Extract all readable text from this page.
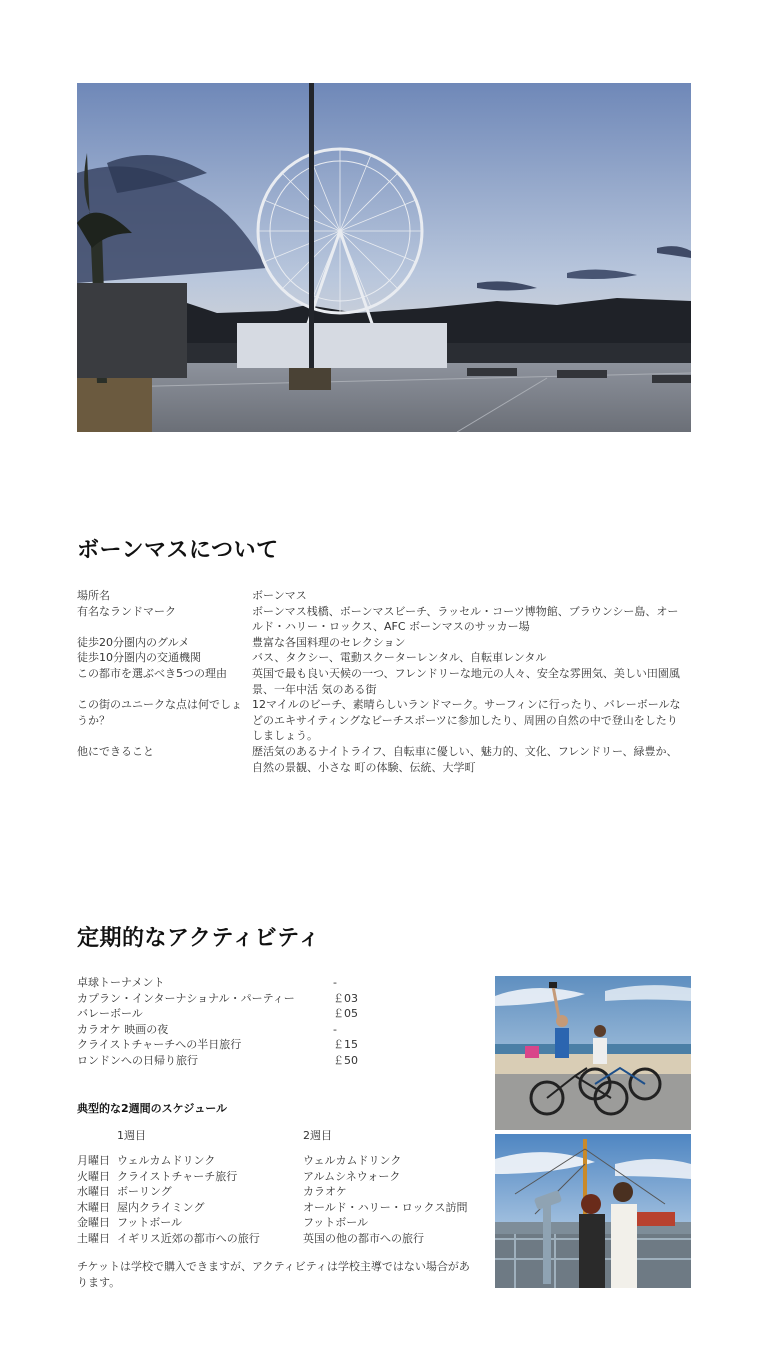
ボーンマスについて
場所名	ボーンマス
有名なランドマーク	ボーンマス桟橋、ボーンマスビーチ、ラッセル・コーツ博物館、ブラウンシー島、オールド・ハリー・ロックス、AFC ボーンマスのサッカー場
徒歩20分圏内のグルメ	豊富な各国料理のセレクション
徒歩10分圏内の交通機関	バス、タクシー、電動スクーターレンタル、自転車レンタル
この都市を選ぶべき5つの理由	英国で最も良い天候の一つ、フレンドリーな地元の人々、安全な雰囲気、美しい田園風景、一年中活 気のある街
この街のユニークな点は何でしょうか？
12マイルのビーチ、素晴らしいランドマーク。サーフィンに行ったり、バレーボールなどのエキサイティングなビーチスポーツに参加したり、周囲の自然の中で登山をしたりしましょう。
他にできること	歴活気のあるナイトライフ、自転車に優しい、魅力的、文化、フレンドリー、緑豊か、自然の景観、小さな 町の体験、伝統、大学町
定期的なアクティビティ
卓球トーナメント	-
カプラン・インターナショナル・パーティー	￡03
バレーボール	￡05
カラオケ 映画の夜	-
クライストチャーチへの半日旅行	￡15
ロンドンへの日帰り旅行	￡50
典型的な2週間のスケジュール
1週目	2週目
月曜日 ウェルカムドリンク	ウェルカムドリンク
火曜日 クライストチャーチ旅行	アルムシネウォーク
水曜日 ボーリング	カラオケ
木曜日 屋内クライミング	オールド・ハリー・ロックス訪問
金曜日 フットボール	フットボール
土曜日 イギリス近郊の都市への旅行	英国の他の都市への旅行
チケットは学校で購入できますが、アクティビティは学校主導ではない場合があります。
